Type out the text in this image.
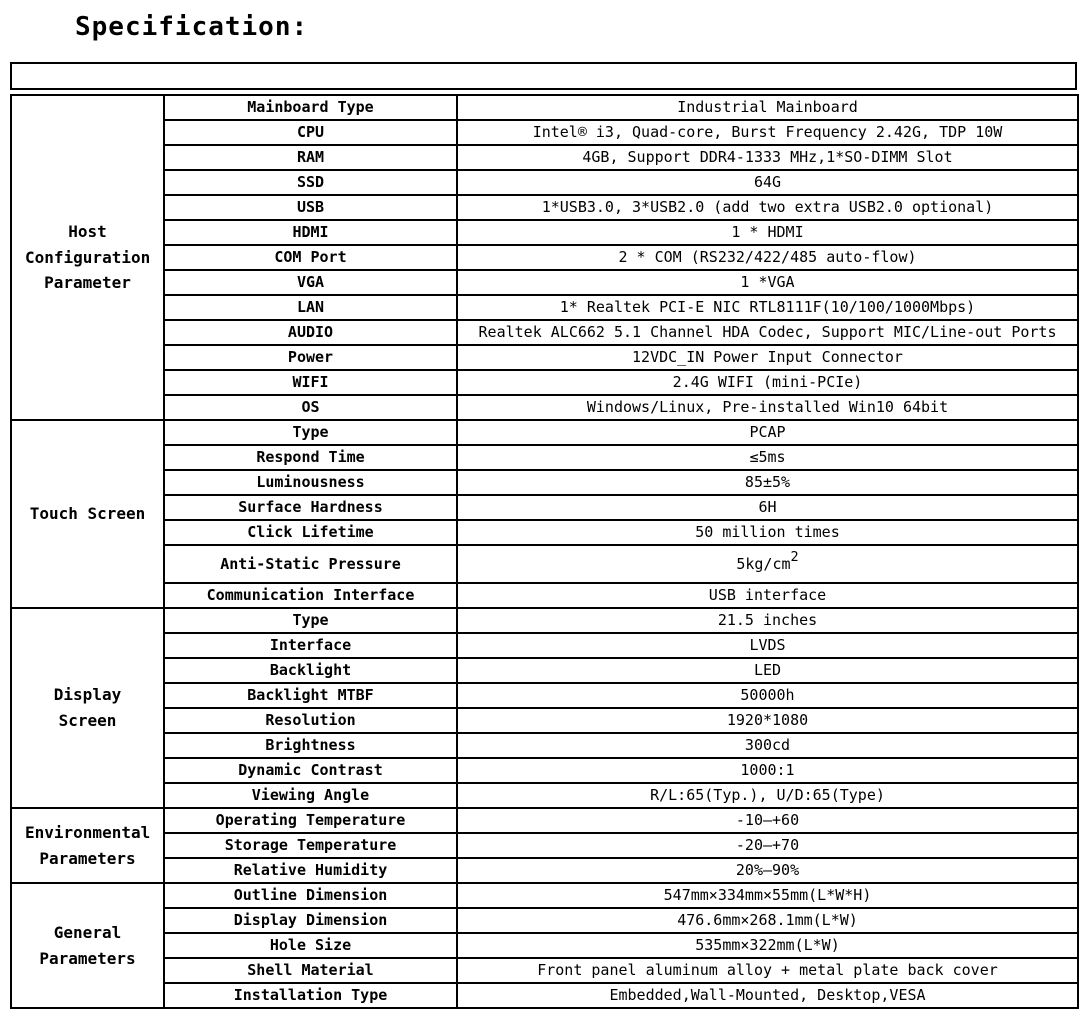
Specification:
Host Configuration Parameter	Mainboard Type	Industrial Mainboard
	CPU	Intel® i3, Quad-core, Burst Frequency 2.42G, TDP 10W
	RAM	4GB, Support DDR4-1333 MHz,1*SO-DIMM Slot
	SSD	64G
	USB	1*USB3.0, 3*USB2.0 (add two extra USB2.0 optional)
	HDMI	1 * HDMI
	COM Port	2 * COM (RS232/422/485 auto-flow)
	VGA	1 *VGA
	LAN	1* Realtek PCI-E NIC RTL8111F(10/100/1000Mbps)
	AUDIO	Realtek ALC662 5.1 Channel HDA Codec, Support MIC/Line-out Ports
	Power	12VDC_IN Power Input Connector
	WIFI	2.4G WIFI (mini-PCIe)
	OS	Windows/Linux, Pre-installed Win10 64bit
Touch Screen	Type	PCAP
	Respond Time	≤5ms
	Luminousness	85±5%
	Surface Hardness	6H
	Click Lifetime	50 million times
	Anti-Static Pressure	$5kg/cm^2$
	Communication Interface	USB interface
Display Screen	Type	21.5 inches
	Interface	LVDS
	Backlight	LED
	Backlight MTBF	50000h
	Resolution	1920*1080
	Brightness	300cd
	Dynamic Contrast	1000:1
	Viewing Angle	R/L:65(Typ.), U/D:65(Type)
Environmental Parameters	Operating Temperature	-10—+60
	Storage Temperature	-20—+70
	Relative Humidity	20%—90%
General Parameters	Outline Dimension	547mm×334mm×55mm(L*W*H)
	Display Dimension	476.6mm×268.1mm(L*W)
	Hole Size	535mm×322mm(L*W)
	Shell Material	Front panel aluminum alloy + metal plate back cover
	Installation Type	Embedded,Wall-Mounted, Desktop,VESA
